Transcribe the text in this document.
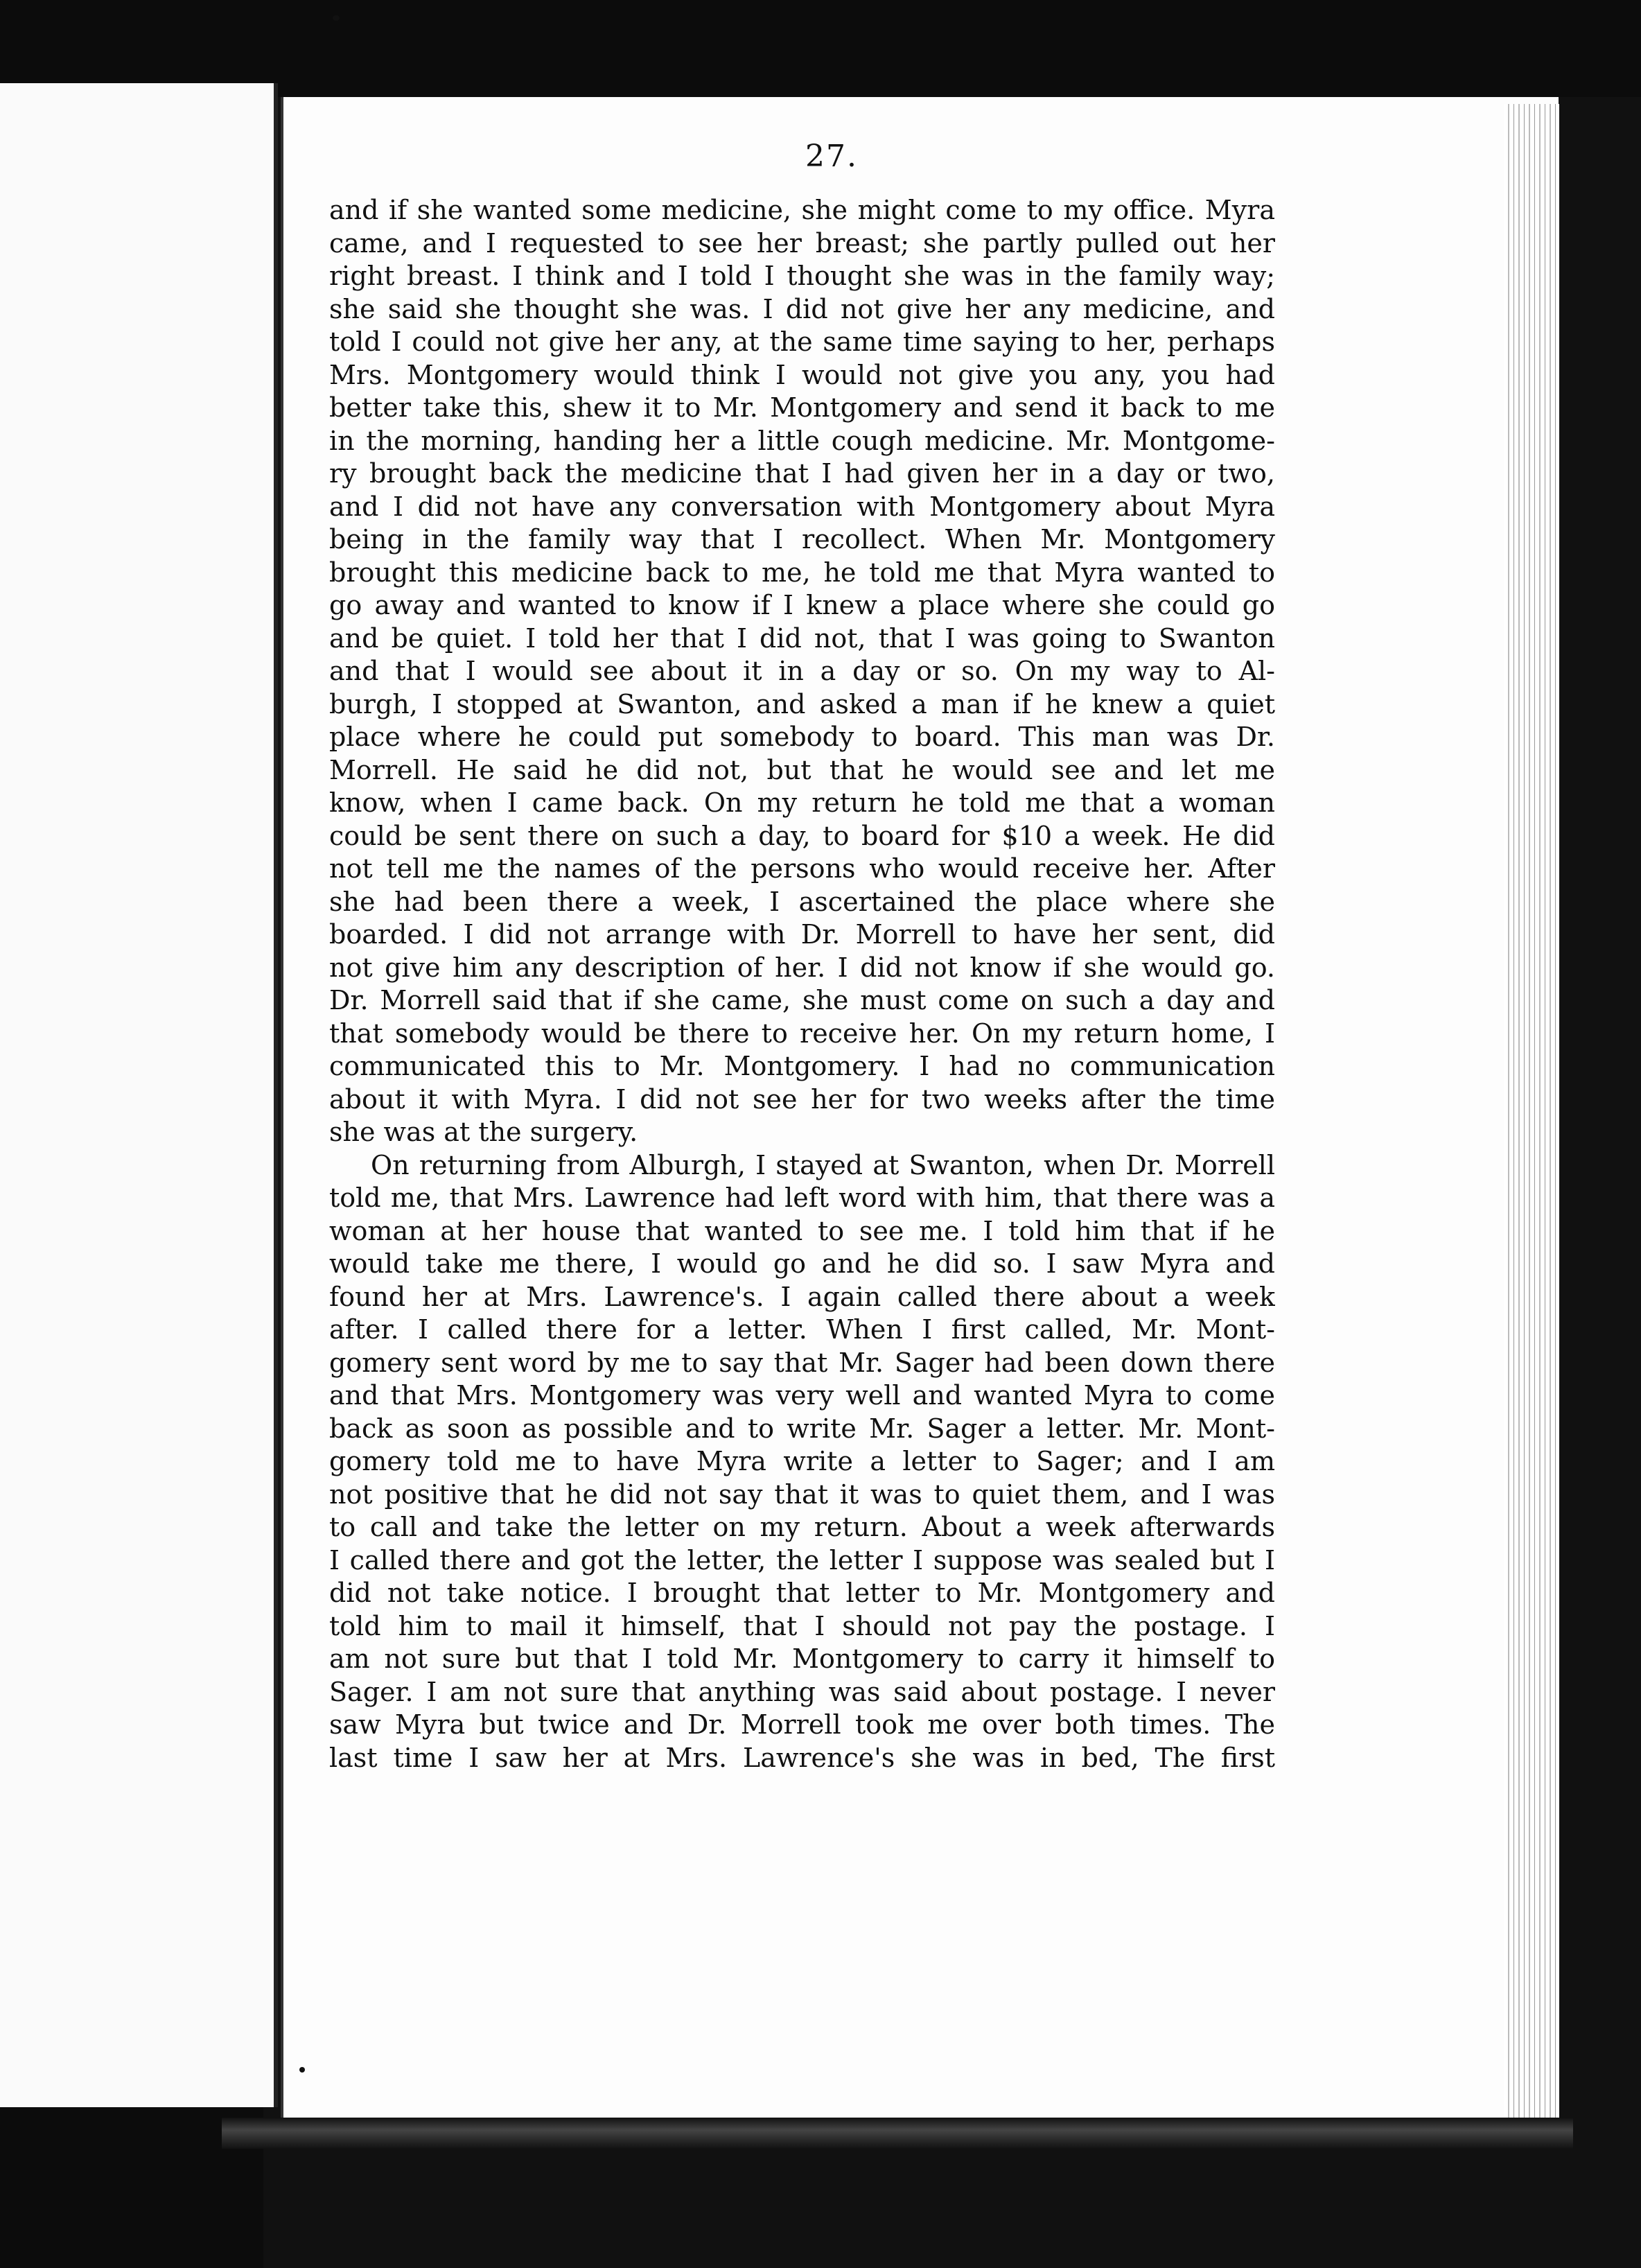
27.
and if she wanted some medicine, she might come to my office. Myra
came, and I requested to see her breast; she partly pulled out her
right breast. I think and I told I thought she was in the family way;
she said she thought she was. I did not give her any medicine, and
told I could not give her any, at the same time saying to her, perhaps
Mrs. Montgomery would think I would not give you any, you had
better take this, shew it to Mr. Montgomery and send it back to me
in the morning, handing her a little cough medicine. Mr. Montgome-
ry brought back the medicine that I had given her in a day or two,
and I did not have any conversation with Montgomery about Myra
being in the family way that I recollect. When Mr. Montgomery
brought this medicine back to me, he told me that Myra wanted to
go away and wanted to know if I knew a place where she could go
and be quiet. I told her that I did not, that I was going to Swanton
and that I would see about it in a day or so. On my way to Al-
burgh, I stopped at Swanton, and asked a man if he knew a quiet
place where he could put somebody to board. This man was Dr.
Morrell. He said he did not, but that he would see and let me
know, when I came back. On my return he told me that a woman
could be sent there on such a day, to board for $10 a week. He did
not tell me the names of the persons who would receive her. After
she had been there a week, I ascertained the place where she
boarded. I did not arrange with Dr. Morrell to have her sent, did
not give him any description of her. I did not know if she would go.
Dr. Morrell said that if she came, she must come on such a day and
that somebody would be there to receive her. On my return home, I
communicated this to Mr. Montgomery. I had no communication
about it with Myra. I did not see her for two weeks after the time
she was at the surgery.
On returning from Alburgh, I stayed at Swanton, when Dr. Morrell
told me, that Mrs. Lawrence had left word with him, that there was a
woman at her house that wanted to see me. I told him that if he
would take me there, I would go and he did so. I saw Myra and
found her at Mrs. Lawrence's. I again called there about a week
after. I called there for a letter. When I first called, Mr. Mont-
gomery sent word by me to say that Mr. Sager had been down there
and that Mrs. Montgomery was very well and wanted Myra to come
back as soon as possible and to write Mr. Sager a letter. Mr. Mont-
gomery told me to have Myra write a letter to Sager; and I am
not positive that he did not say that it was to quiet them, and I was
to call and take the letter on my return. About a week afterwards
I called there and got the letter, the letter I suppose was sealed but I
did not take notice. I brought that letter to Mr. Montgomery and
told him to mail it himself, that I should not pay the postage. I
am not sure but that I told Mr. Montgomery to carry it himself to
Sager. I am not sure that anything was said about postage. I never
saw Myra but twice and Dr. Morrell took me over both times. The
last time I saw her at Mrs. Lawrence's she was in bed, The first
